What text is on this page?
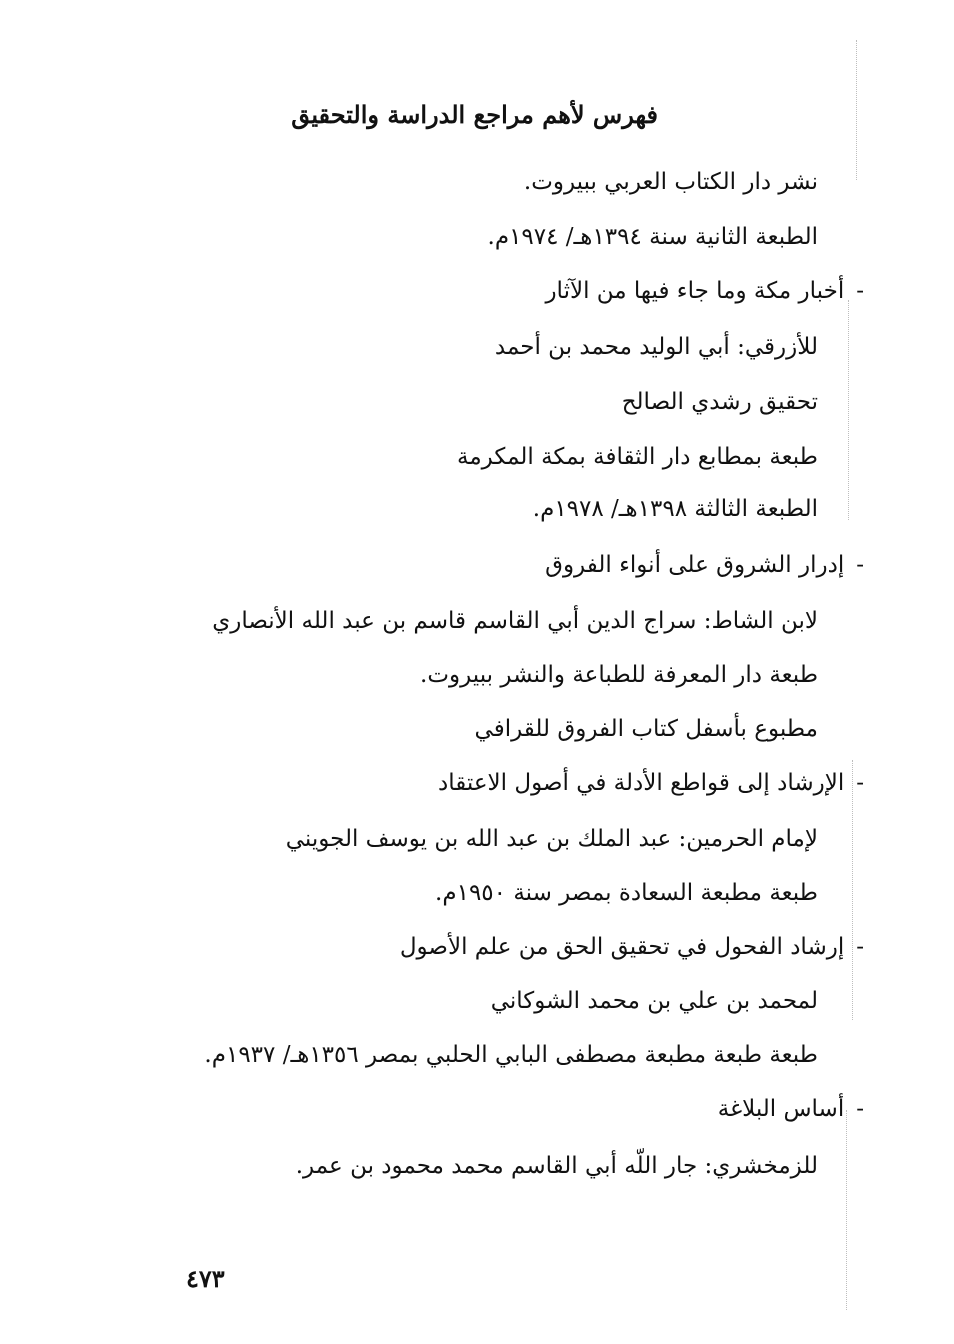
فهرس لأهم مراجع الدراسة والتحقيق
نشر دار الكتاب العربي ببيروت.
الطبعة الثانية سنة ١٣٩٤هـ/ ١٩٧٤م.
-أخبار مكة وما جاء فيها من الآثار
للأزرقي: أبي الوليد محمد بن أحمد
تحقيق رشدي الصالح
طبعة بمطابع دار الثقافة بمكة المكرمة
الطبعة الثالثة ١٣٩٨هـ/ ١٩٧٨م.
-إدرار الشروق على أنواء الفروق
لابن الشاط: سراج الدين أبي القاسم قاسم بن عبد الله الأنصاري
طبعة دار المعرفة للطباعة والنشر ببيروت.
مطبوع بأسفل كتاب الفروق للقرافي
-الإرشاد إلى قواطع الأدلة في أصول الاعتقاد
لإمام الحرمين: عبد الملك بن عبد الله بن يوسف الجويني
طبعة مطبعة السعادة بمصر سنة ١٩٥٠م.
-إرشاد الفحول في تحقيق الحق من علم الأصول
لمحمد بن علي بن محمد الشوكاني
طبعة طبعة مطبعة مصطفى البابي الحلبي بمصر ١٣٥٦هـ/ ١٩٣٧م.
-أساس البلاغة
للزمخشري: جار اللّه أبي القاسم محمد محمود بن عمر.
٤٧٣
